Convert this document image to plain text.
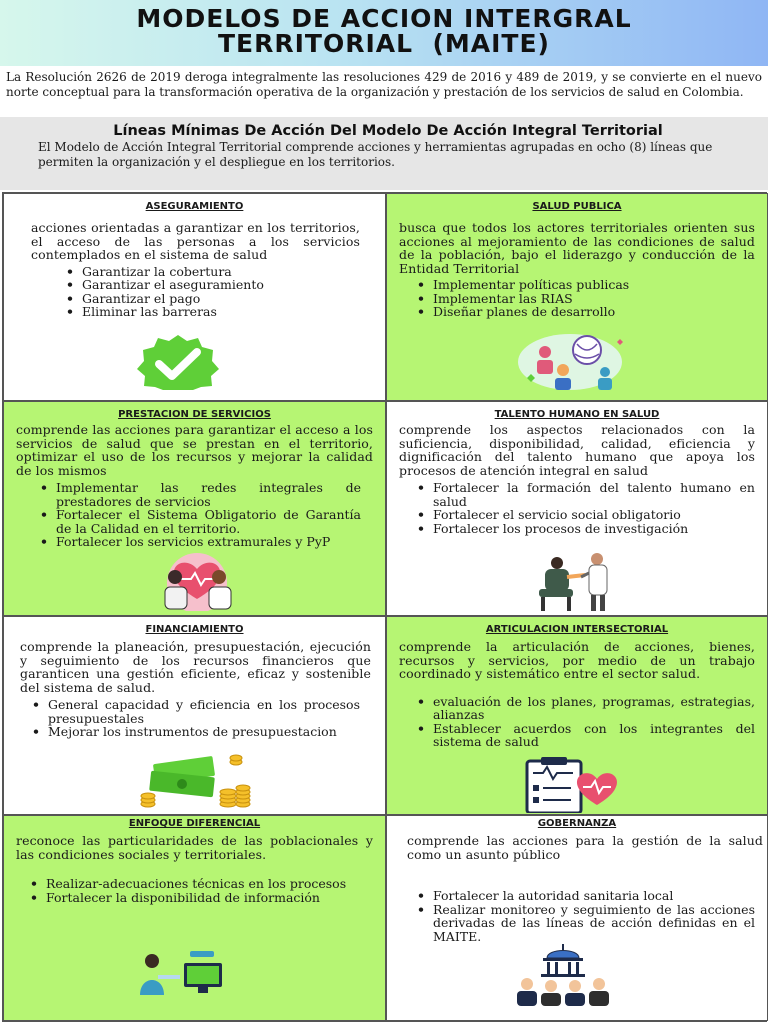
MODELOS DE ACCION INTERGRAL
TERRITORIAL  (MAITE)
La Resolución 2626 de 2019 deroga integralmente las resoluciones 429 de 2016 y 489 de 2019, y se convierte en el nuevo norte conceptual para la transformación operativa de la organización y prestación de los servicios de salud en Colombia.
Líneas Mínimas De Acción Del Modelo De Acción Integral Territorial

El Modelo de Acción Integral Territorial comprende acciones y herramientas agrupadas en ocho (8) líneas que permiten la organización y el despliegue en los territorios.

ASEGURAMIENTO
acciones orientadas a garantizar en los territorios, el acceso de las personas a los servicios contemplados en el sistema de salud
• Garantizar la cobertura
• Garantizar el aseguramiento
• Garantizar el pago
• Eliminar las barreras
SALUD PUBLICA
busca que todos los actores territoriales orienten sus acciones al mejoramiento de las condiciones de salud de la población, bajo el liderazgo y conducción de la Entidad Territorial
• Implementar políticas publicas
• Implementar las RIAS
• Diseñar planes de desarrollo
PRESTACION DE SERVICIOS
comprende las acciones para garantizar el acceso a los servicios de salud que se prestan en el territorio, optimizar el uso de los recursos y mejorar la calidad de los mismos
• Implementar las redes integrales de prestadores de servicios
• Fortalecer el Sistema Obligatorio de Garantía de la Calidad en el territorio.
• Fortalecer los servicios extramurales y PyP
TALENTO HUMANO EN SALUD
comprende los aspectos relacionados con la suficiencia, disponibilidad, calidad, eficiencia y dignificación del talento humano que apoya los procesos de atención integral en salud
• Fortalecer la formación del talento humano en salud
• Fortalecer el servicio social obligatorio
• Fortalecer los procesos de investigación
FINANCIAMIENTO
comprende la planeación, presupuestación, ejecución y seguimiento de los recursos financieros que garanticen una gestión eficiente, eficaz y sostenible del sistema de salud.
• General capacidad y eficiencia en los procesos presupuestales
• Mejorar los instrumentos de presupuestacion
ARTICULACION INTERSECTORIAL
comprende la articulación de acciones, bienes, recursos y servicios, por medio de un trabajo coordinado y sistemático entre el sector salud.
• evaluación de los planes, programas, estrategias, alianzas
• Establecer acuerdos con los integrantes del sistema de salud
ENFOQUE DIFERENCIAL
reconoce las particularidades de las poblacionales y las condiciones sociales y territoriales.
• Realizar-adecuaciones técnicas en los procesos
• Fortalecer la disponibilidad de información
GOBERNANZA
comprende las acciones para la gestión de la salud como un asunto público
• Fortalecer la autoridad sanitaria local
• Realizar monitoreo y seguimiento de las acciones derivadas de las líneas de acción definidas en el MAITE.
